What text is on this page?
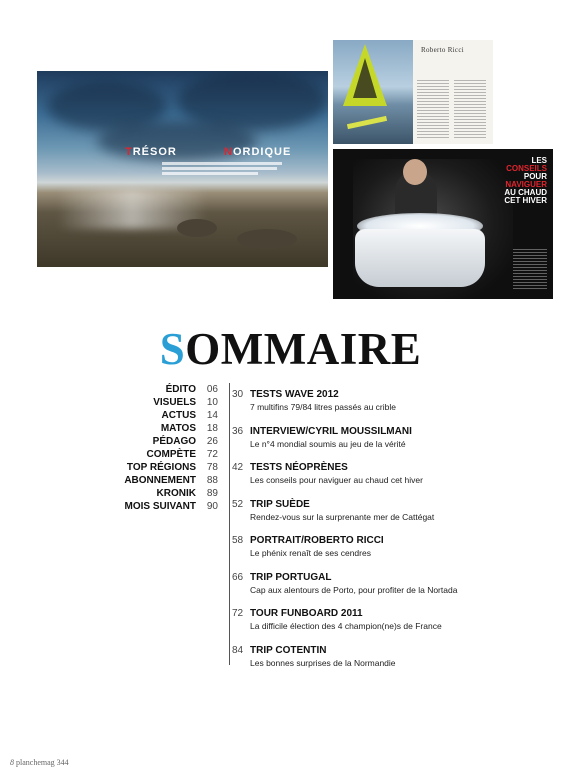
TRÉSOR	NORDIQUE
Roberto Ricci
LES
CONSEILS
POUR
NAVIGUER
AU CHAUD
CET HIVER
SOMMAIRE
ÉDITO	06
VISUELS	10
ACTUS	14
MATOS	18
PÉDAGO	26
COMPÈTE	72
TOP RÉGIONS	78
ABONNEMENT	88
KRONIK	89
MOIS SUIVANT	90
30 TESTS WAVE 2012
7 multifins 79/84 litres passés au crible
36 INTERVIEW/CYRIL MOUSSILMANI
Le n°4 mondial soumis au jeu de la vérité
42 TESTS NÉOPRÈNES
Les conseils pour naviguer au chaud cet hiver
52 TRIP SUÈDE
Rendez-vous sur la surprenante mer de Cattégat
58 PORTRAIT/ROBERTO RICCI
Le phénix renaît de ses cendres
66 TRIP PORTUGAL
Cap aux alentours de Porto, pour profiter de la Nortada
72 TOUR FUNBOARD 2011
La difficile élection des 4 champion(ne)s de France
84 TRIP COTENTIN
Les bonnes surprises de la Normandie
8 planchemag 344
